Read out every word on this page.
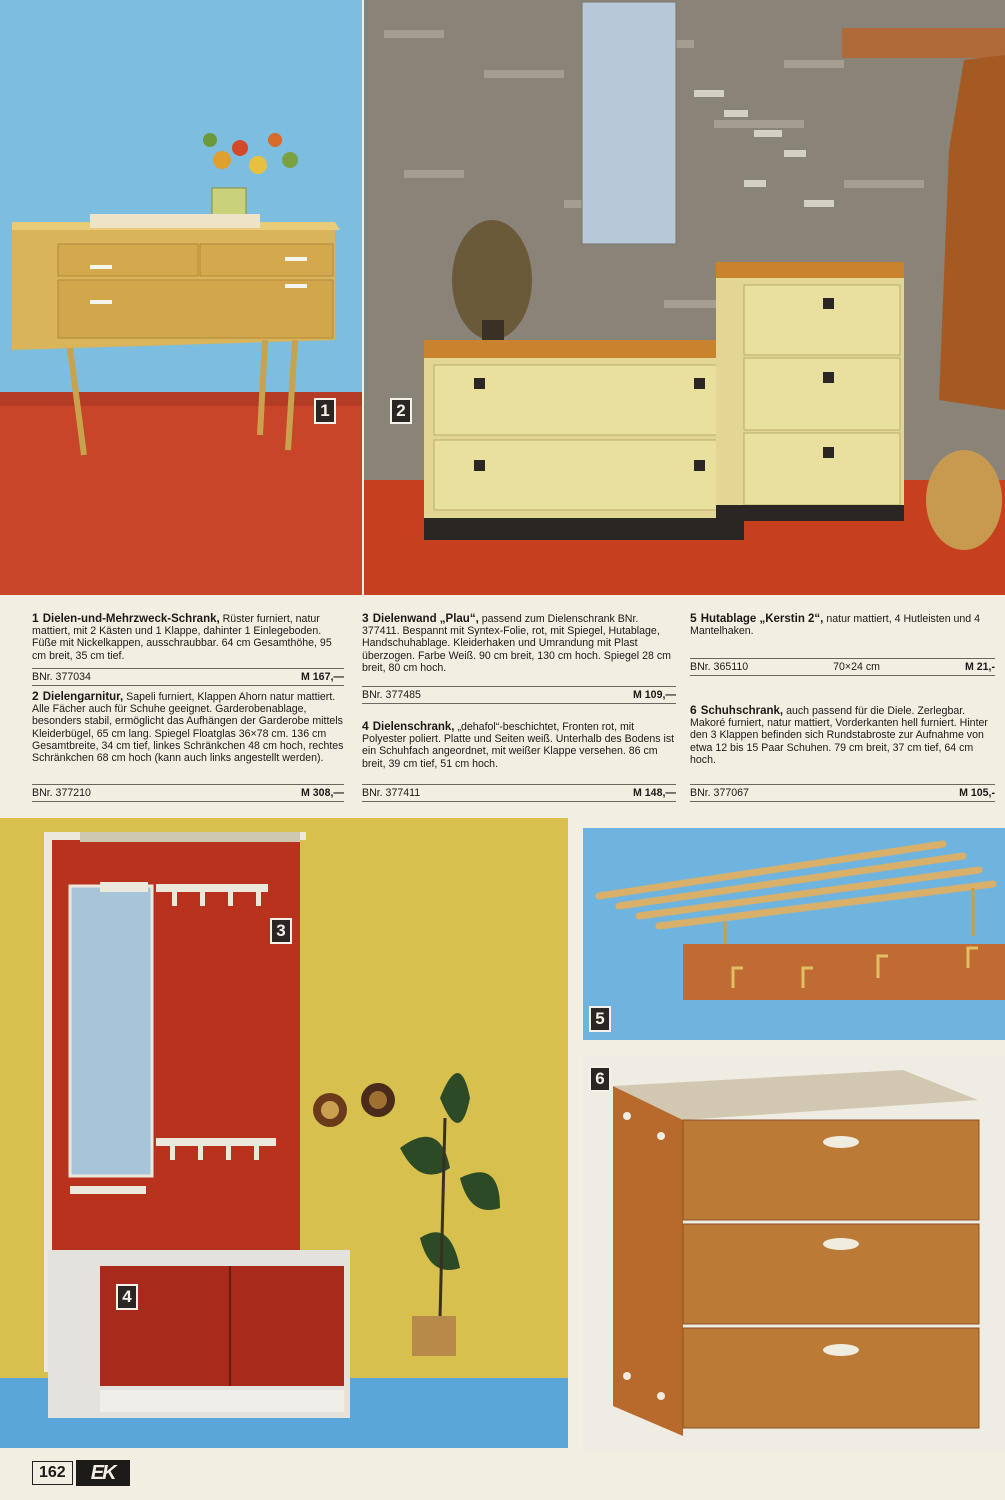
1	2
1 Dielen-und-Mehrzweck-Schrank, Rüster furniert, natur mattiert, mit 2 Kästen und 1 Klappe, dahinter 1 Einlegeboden. Füße mit Nickelkappen, ausschraubbar. 64 cm Gesamthöhe, 95 cm breit, 35 cm tief.
BNr. 377034	M 167,—
2 Dielengarnitur, Sapeli furniert, Klappen Ahorn natur mattiert. Alle Fächer auch für Schuhe geeignet. Garderobenablage, besonders stabil, ermöglicht das Aufhängen der Garderobe mittels Kleiderbügel, 65 cm lang. Spiegel Floatglas 36×78 cm. 136 cm Gesamtbreite, 34 cm tief, linkes Schränkchen 48 cm hoch, rechtes Schränkchen 68 cm hoch (kann auch links angestellt werden).
BNr. 377210	M 308,—
3 Dielenwand „Plau“, passend zum Dielenschrank BNr. 377411. Bespannt mit Syntex-Folie, rot, mit Spiegel, Hutablage, Handschuhablage. Kleiderhaken und Umrandung mit Plast überzogen. Farbe Weiß. 90 cm breit, 130 cm hoch. Spiegel 28 cm breit, 80 cm hoch.
BNr. 377485	M 109,—
4 Dielenschrank, „dehafol“-beschichtet, Fronten rot, mit Polyester poliert. Platte und Seiten weiß. Unterhalb des Bodens ist ein Schuhfach angeordnet, mit weißer Klappe versehen. 86 cm breit, 39 cm tief, 51 cm hoch.
BNr. 377411	M 148,—
5 Hutablage „Kerstin 2“, natur mattiert, 4 Hutleisten und 4 Mantelhaken.
BNr. 365110	70×24 cm	M 21,-
6 Schuhschrank, auch passend für die Diele. Zerlegbar. Makoré furniert, natur mattiert, Vorderkanten hell furniert. Hinter den 3 Klappen befinden sich Rundstabroste zur Aufnahme von etwa 12 bis 15 Paar Schuhen. 79 cm breit, 37 cm tief, 64 cm hoch.
BNr. 377067	M 105,-
3
4
5
6
162	EK
